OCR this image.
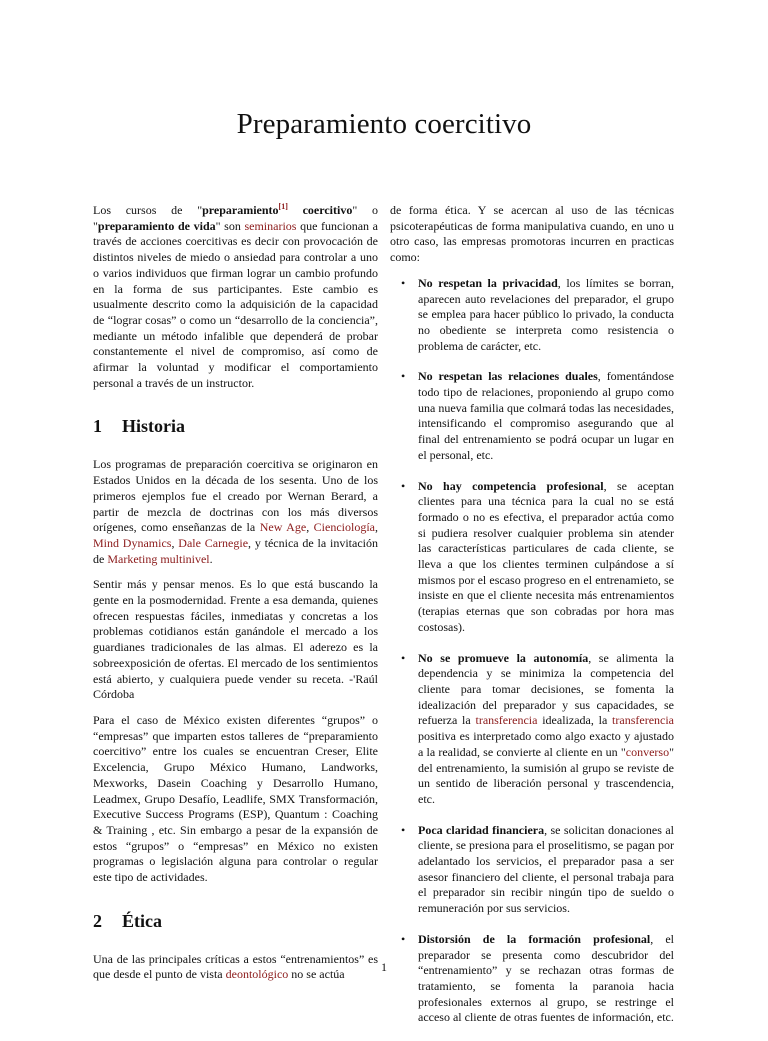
Preparamiento coercitivo

Los cursos de "preparamiento[1] coercitivo" o "preparamiento de vida" son seminarios que funcionan a través de acciones coercitivas es decir con provocación de distintos niveles de miedo o ansiedad para controlar a uno o varios individuos que firman lograr un cambio profundo en la forma de sus participantes. Este cambio es usualmente descrito como la adquisición de la capacidad de “lograr cosas” o como un “desarrollo de la conciencia”, mediante un método infalible que dependerá de probar constantemente el nivel de compromiso, así como de afirmar la voluntad y modificar el comportamiento personal a través de un instructor.

1 Historia

Los programas de preparación coercitiva se originaron en Estados Unidos en la década de los sesenta. Uno de los primeros ejemplos fue el creado por Wernan Berard, a partir de mezcla de doctrinas con los más diversos orígenes, como enseñanzas de la New Age, Cienciología, Mind Dynamics, Dale Carnegie, y técnica de la invitación de Marketing multinivel.

Sentir más y pensar menos. Es lo que está buscando la gente en la posmodernidad. Frente a esa demanda, quienes ofrecen respuestas fáciles, inmediatas y concretas a los problemas cotidianos están ganándole el mercado a los guardianes tradicionales de las almas. El aderezo es la sobreexposición de ofertas. El mercado de los sentimientos está abierto, y cualquiera puede vender su receta. -'Raúl Córdoba

Para el caso de México existen diferentes “grupos” o “empresas” que imparten estos talleres de “preparamiento coercitivo” entre los cuales se encuentran Creser, Elite Excelencia, Grupo México Humano, Landworks, Mexworks, Dasein Coaching y Desarrollo Humano, Leadmex, Grupo Desafío, Leadlife, SMX Transformación, Executive Success Programs (ESP), Quantum : Coaching & Training , etc. Sin embargo a pesar de la expansión de estos “grupos” o “empresas” en México no existen programas o legislación alguna para controlar o regular este tipo de actividades.

2 Ética

Una de las principales críticas a estos “entrenamientos” es que desde el punto de vista deontológico no se actúa

de forma ética. Y se acercan al uso de las técnicas psicoterapéuticas de forma manipulativa cuando, en uno u otro caso, las empresas promotoras incurren en practicas como:

• No respetan la privacidad, los límites se borran, aparecen auto revelaciones del preparador, el grupo se emplea para hacer público lo privado, la conducta no obediente se interpreta como resistencia o problema de carácter, etc.
• No respetan las relaciones duales, fomentándose todo tipo de relaciones, proponiendo al grupo como una nueva familia que colmará todas las necesidades, intensificando el compromiso asegurando que al final del entrenamiento se podrá ocupar un lugar en el personal, etc.
• No hay competencia profesional, se aceptan clientes para una técnica para la cual no se está formado o no es efectiva, el preparador actúa como si pudiera resolver cualquier problema sin atender las características particulares de cada cliente, se lleva a que los clientes terminen culpándose a sí mismos por el escaso progreso en el entrenamieto, se insiste en que el cliente necesita más entrenamientos (terapias eternas que son cobradas por hora mas costosas).
• No se promueve la autonomía, se alimenta la dependencia y se minimiza la competencia del cliente para tomar decisiones, se fomenta la idealización del preparador y sus capacidades, se refuerza la transferencia idealizada, la transferencia positiva es interpretado como algo exacto y ajustado a la realidad, se convierte al cliente en un "converso" del entrenamiento, la sumisión al grupo se reviste de un sentido de liberación personal y trascendencia, etc.
• Poca claridad financiera, se solicitan donaciones al cliente, se presiona para el proselitismo, se pagan por adelantado los servicios, el preparador pasa a ser asesor financiero del cliente, el personal trabaja para el preparador sin recibir ningún tipo de sueldo o remuneración por sus servicios.
• Distorsión de la formación profesional, el preparador se presenta como descubridor del “entrenamiento” y se rechazan otras formas de tratamiento, se fomenta la paranoia hacia profesionales externos al grupo, se restringe el acceso al cliente de otras fuentes de información, etc.
1
